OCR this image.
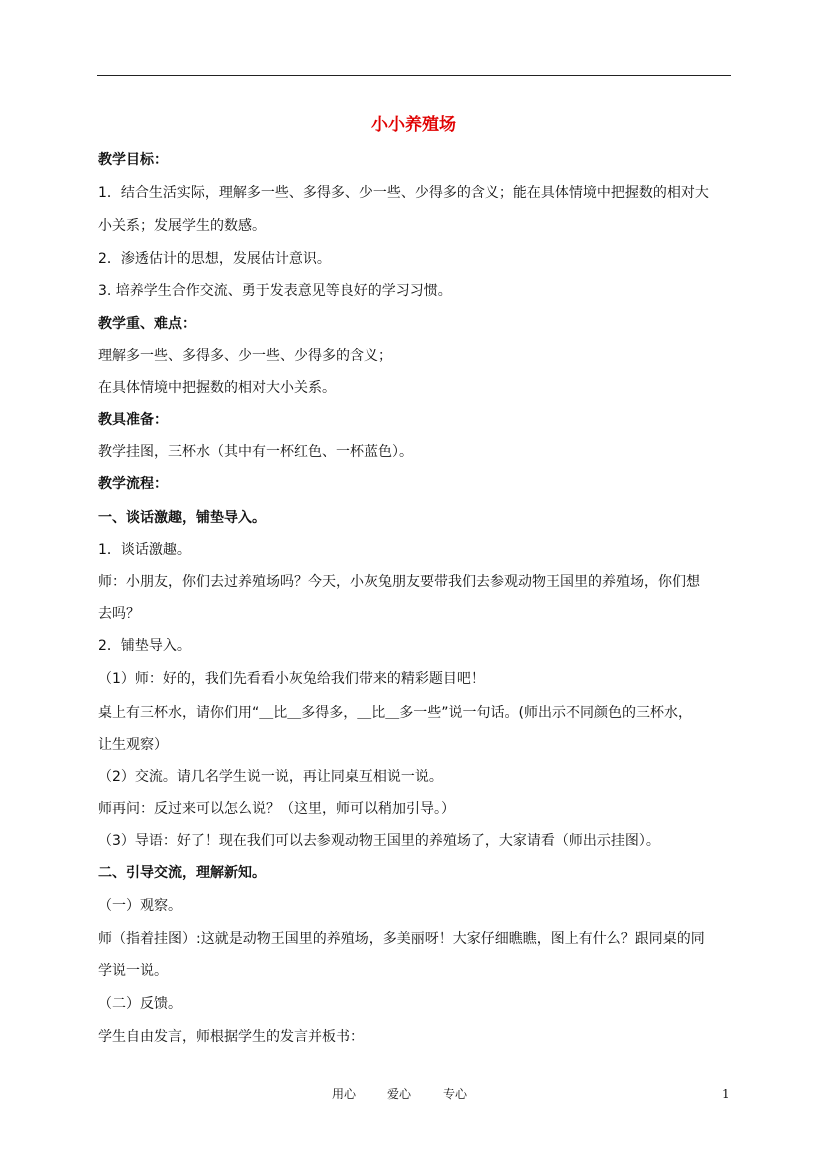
小小养殖场
教学目标：
1．结合生活实际，理解多一些、多得多、少一些、少得多的含义；能在具体情境中把握数的相对大
小关系；发展学生的数感。
2．渗透估计的思想，发展估计意识。
3. 培养学生合作交流、勇于发表意见等良好的学习习惯。
教学重、难点：
理解多一些、多得多、少一些、少得多的含义；
在具体情境中把握数的相对大小关系。
教具准备：
教学挂图，三杯水（其中有一杯红色、一杯蓝色）。
教学流程：
一、谈话激趣，铺垫导入。
1．谈话激趣。
师：小朋友，你们去过养殖场吗？今天，小灰兔朋友要带我们去参观动物王国里的养殖场，你们想
去吗？
2．铺垫导入。
（1）师：好的，我们先看看小灰兔给我们带来的精彩题目吧！
桌上有三杯水，请你们用“＿比＿多得多，＿比＿多一些”说一句话。(师出示不同颜色的三杯水，
让生观察）
（2）交流。请几名学生说一说，再让同桌互相说一说。
师再问：反过来可以怎么说？（这里，师可以稍加引导。）
（3）导语：好了！现在我们可以去参观动物王国里的养殖场了，大家请看（师出示挂图）。
二、引导交流，理解新知。
（一）观察。
师（指着挂图）:这就是动物王国里的养殖场，多美丽呀！大家仔细瞧瞧，图上有什么？跟同桌的同
学说一说。
（二）反馈。
学生自由发言，师根据学生的发言并板书：
用心	爱心	专心	1
